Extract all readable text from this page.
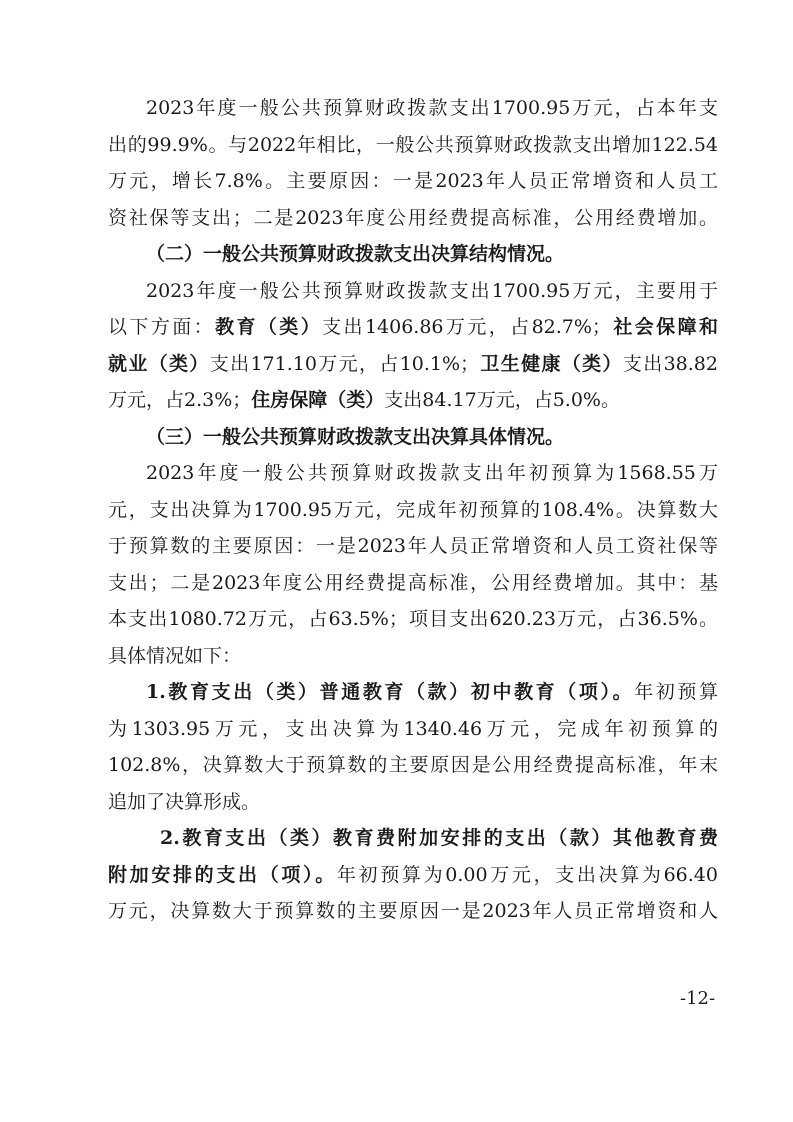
2023年度一般公共预算财政拨款支出1700.95万元，占本年支
出的99.9%。与2022年相比，一般公共预算财政拨款支出增加122.54
万元，增长7.8%。主要原因：一是2023年人员正常增资和人员工
资社保等支出；二是2023年度公用经费提高标准，公用经费增加。
（二）一般公共预算财政拨款支出决算结构情况。
2023年度一般公共预算财政拨款支出1700.95万元，主要用于
以下方面：教育（类）支出1406.86万元，占82.7%；社会保障和
就业（类）支出171.10万元，占10.1%；卫生健康（类）支出38.82
万元，占2.3%；住房保障（类）支出84.17万元，占5.0%。
（三）一般公共预算财政拨款支出决算具体情况。
2023年度一般公共预算财政拨款支出年初预算为1568.55万
元，支出决算为1700.95万元，完成年初预算的108.4%。决算数大
于预算数的主要原因：一是2023年人员正常增资和人员工资社保等
支出；二是2023年度公用经费提高标准，公用经费增加。其中：基
本支出1080.72万元，占63.5%；项目支出620.23万元，占36.5%。
具体情况如下：
1.教育支出（类）普通教育（款）初中教育（项）。年初预算
为1303.95万元，支出决算为1340.46万元，完成年初预算的
102.8%，决算数大于预算数的主要原因是公用经费提高标准，年末
追加了决算形成。
2.教育支出（类）教育费附加安排的支出（款）其他教育费
附加安排的支出（项）。年初预算为0.00万元，支出决算为66.40
万元，决算数大于预算数的主要原因一是2023年人员正常增资和人
-12-
